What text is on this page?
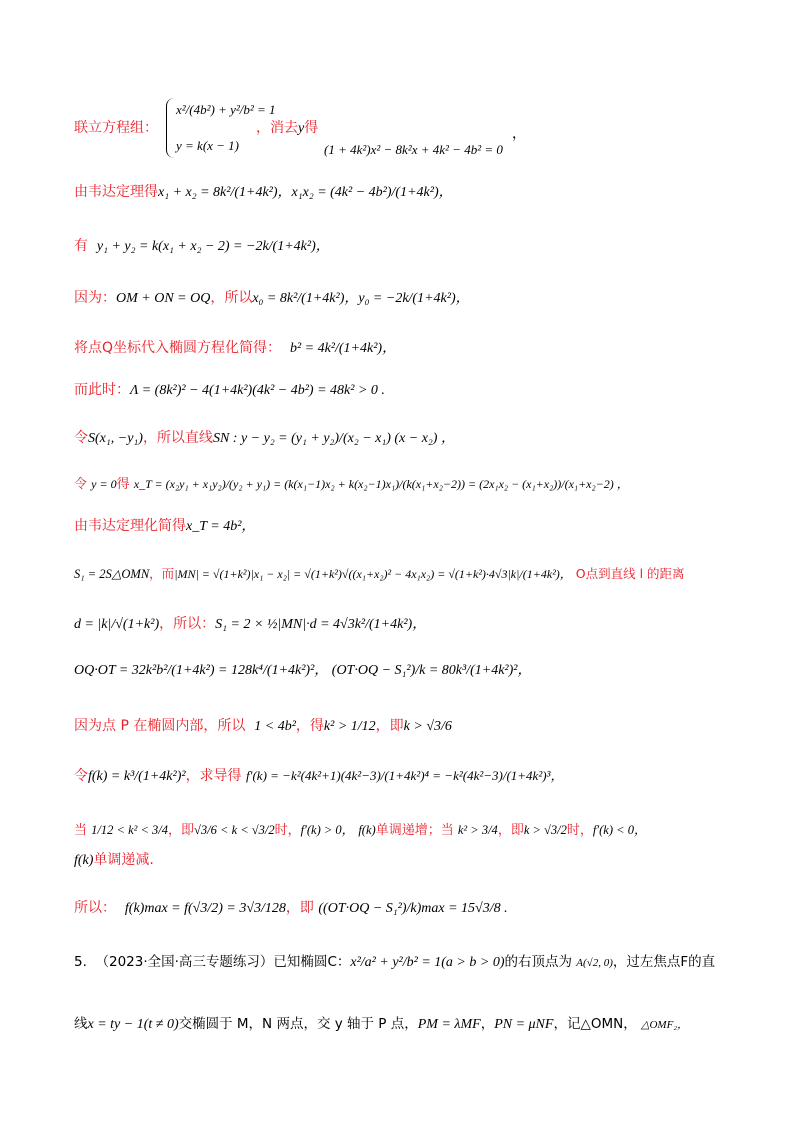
联立方程组：
x²/(4b²) + y²/b² = 1
y = k(x − 1)
，消去y得
(1 + 4k²)x² − 8k²x + 4k² − 4b² = 0
，
由韦达定理得x₁ + x₂ = 8k²/(1+4k²)，x₁x₂ = (4k² − 4b²)/(1+4k²)，
有 y₁ + y₂ = k(x₁ + x₂ − 2) = −2k/(1+4k²)，
因为：OM + ON = OQ，所以x₀ = 8k²/(1+4k²)，y₀ = −2k/(1+4k²)，
将点Q坐标代入椭圆方程化简得： b² = 4k²/(1+4k²)，
而此时：Λ = (8k²)² − 4(1+4k²)(4k² − 4b²) = 48k² > 0 .
令S(x₁, −y₁)，所以直线SN : y − y₂ = (y₁ + y₂)/(x₂ − x₁) (x − x₂) ，
令 y = 0得 x_T = (x₂y₁ + x₁y₂)/(y₂ + y₁) = (k(x₁−1)x₂ + k(x₂−1)x₁)/(k(x₁+x₂−2)) = (2x₁x₂ − (x₁+x₂))/(x₁+x₂−2) ，
由韦达定理化简得x_T = 4b²，
S₁ = 2S△OMN，而|MN| = √(1+k²)|x₁ − x₂| = √(1+k²)√((x₁+x₂)² − 4x₁x₂) = √(1+k²)·4√3|k|/(1+4k²)， O点到直线 l 的距离
d = |k|/√(1+k²)，所以：S₁ = 2 × ½|MN|·d = 4√3k²/(1+4k²)，
OQ·OT = 32k²b²/(1+4k²) = 128k⁴/(1+4k²)²， (OT·OQ − S₁²)/k = 80k³/(1+4k²)²，
因为点 P 在椭圆内部，所以 1 < 4b²，得k² > 1/12，即k > √3/6
令f(k) = k³/(1+4k²)²，求导得 f′(k) = −k²(4k²+1)(4k²−3)/(1+4k²)⁴ = −k²(4k²−3)/(1+4k²)³，
当 1/12 < k² < 3/4，即√3/6 < k < √3/2时，f′(k) > 0， f(k)单调递增；当 k² > 3/4，即k > √3/2时，f′(k) < 0，
f(k)单调递减.
所以： f(k)max = f(√3/2) = 3√3/128，即 ((OT·OQ − S₁²)/k)max = 15√3/8 .
5. （2023·全国·高三专题练习）已知椭圆C：x²/a² + y²/b² = 1(a > b > 0)的右顶点为 A(√2, 0)，过左焦点F的直
线x = ty − 1(t ≠ 0)交椭圆于 M，N 两点，交 y 轴于 P 点，PM = λMF，PN = μNF，记△OMN， △OMF₂，
